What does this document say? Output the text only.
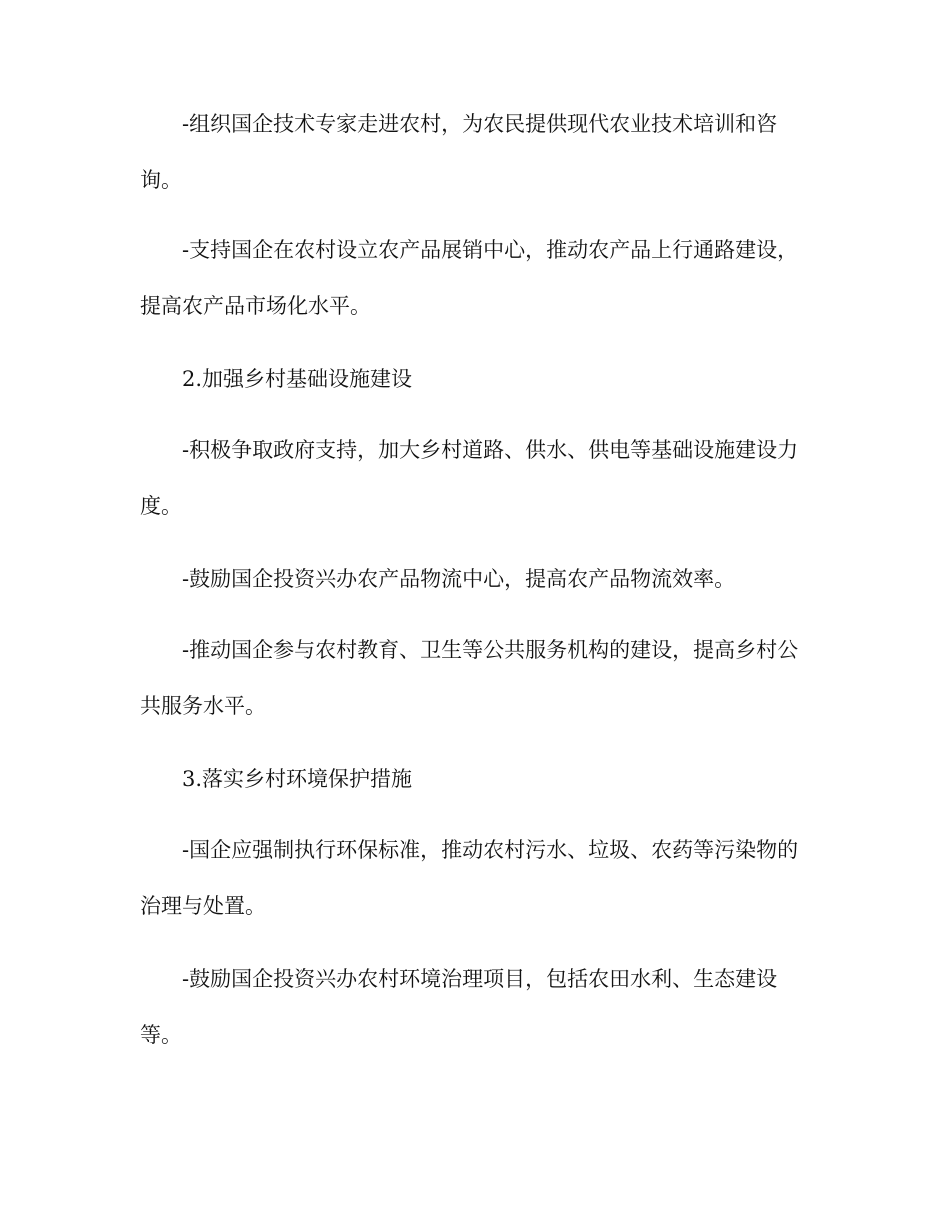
-组织国企技术专家走进农村，为农民提供现代农业技术培训和咨询。

-支持国企在农村设立农产品展销中心，推动农产品上行通路建设，提高农产品市场化水平。

2.加强乡村基础设施建设

-积极争取政府支持，加大乡村道路、供水、供电等基础设施建设力度。

-鼓励国企投资兴办农产品物流中心，提高农产品物流效率。

-推动国企参与农村教育、卫生等公共服务机构的建设，提高乡村公共服务水平。

3.落实乡村环境保护措施

-国企应强制执行环保标准，推动农村污水、垃圾、农药等污染物的治理与处置。

-鼓励国企投资兴办农村环境治理项目，包括农田水利、生态建设等。
